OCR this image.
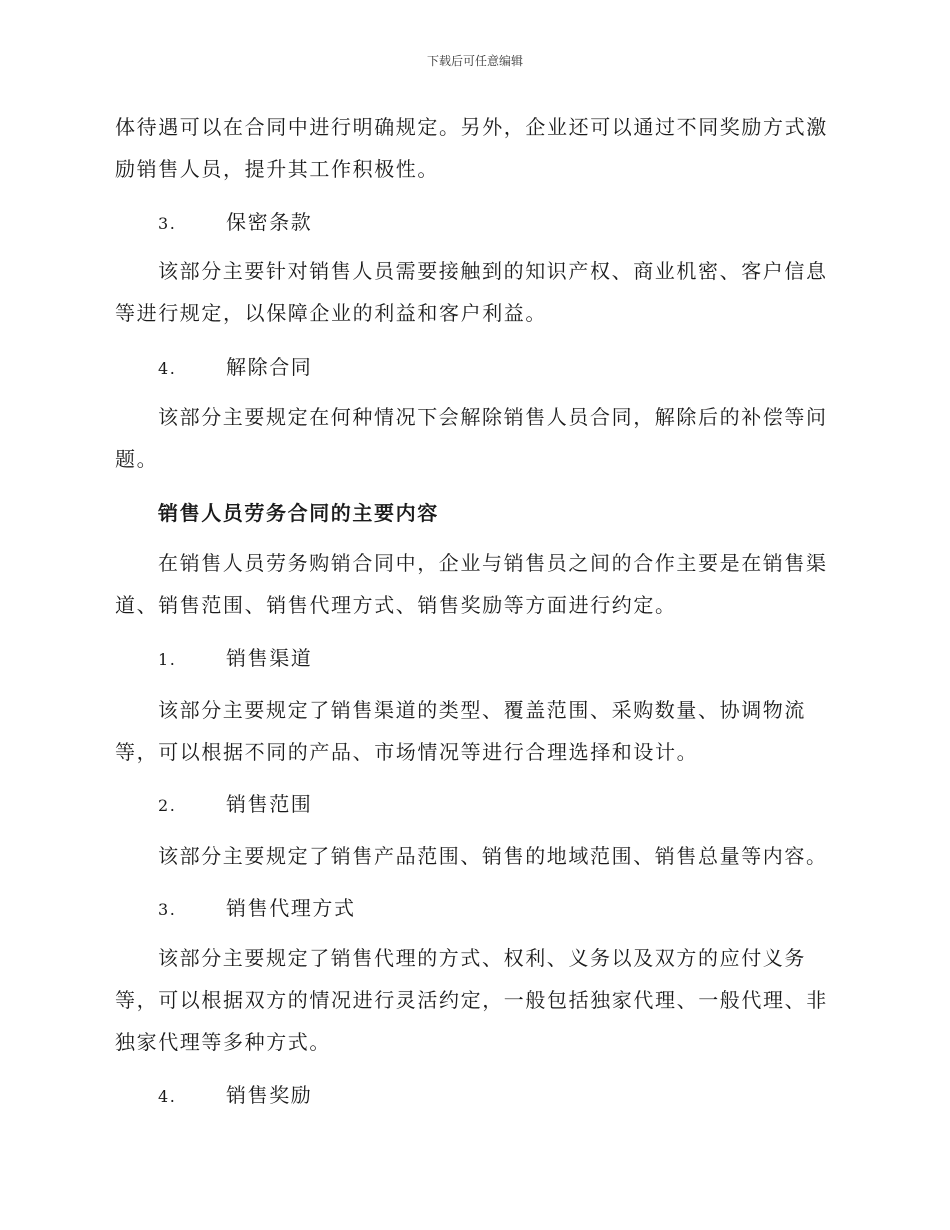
下载后可任意编辑

体待遇可以在合同中进行明确规定。另外，企业还可以通过不同奖励方式激励销售人员，提升其工作积极性。

3. 保密条款

该部分主要针对销售人员需要接触到的知识产权、商业机密、客户信息等进行规定，以保障企业的利益和客户利益。

4. 解除合同

该部分主要规定在何种情况下会解除销售人员合同，解除后的补偿等问题。

销售人员劳务合同的主要内容

在销售人员劳务购销合同中，企业与销售员之间的合作主要是在销售渠道、销售范围、销售代理方式、销售奖励等方面进行约定。

1. 销售渠道

该部分主要规定了销售渠道的类型、覆盖范围、采购数量、协调物流等，可以根据不同的产品、市场情况等进行合理选择和设计。

2. 销售范围

该部分主要规定了销售产品范围、销售的地域范围、销售总量等内容。

3. 销售代理方式

该部分主要规定了销售代理的方式、权利、义务以及双方的应付义务等，可以根据双方的情况进行灵活约定，一般包括独家代理、一般代理、非独家代理等多种方式。

4. 销售奖励
